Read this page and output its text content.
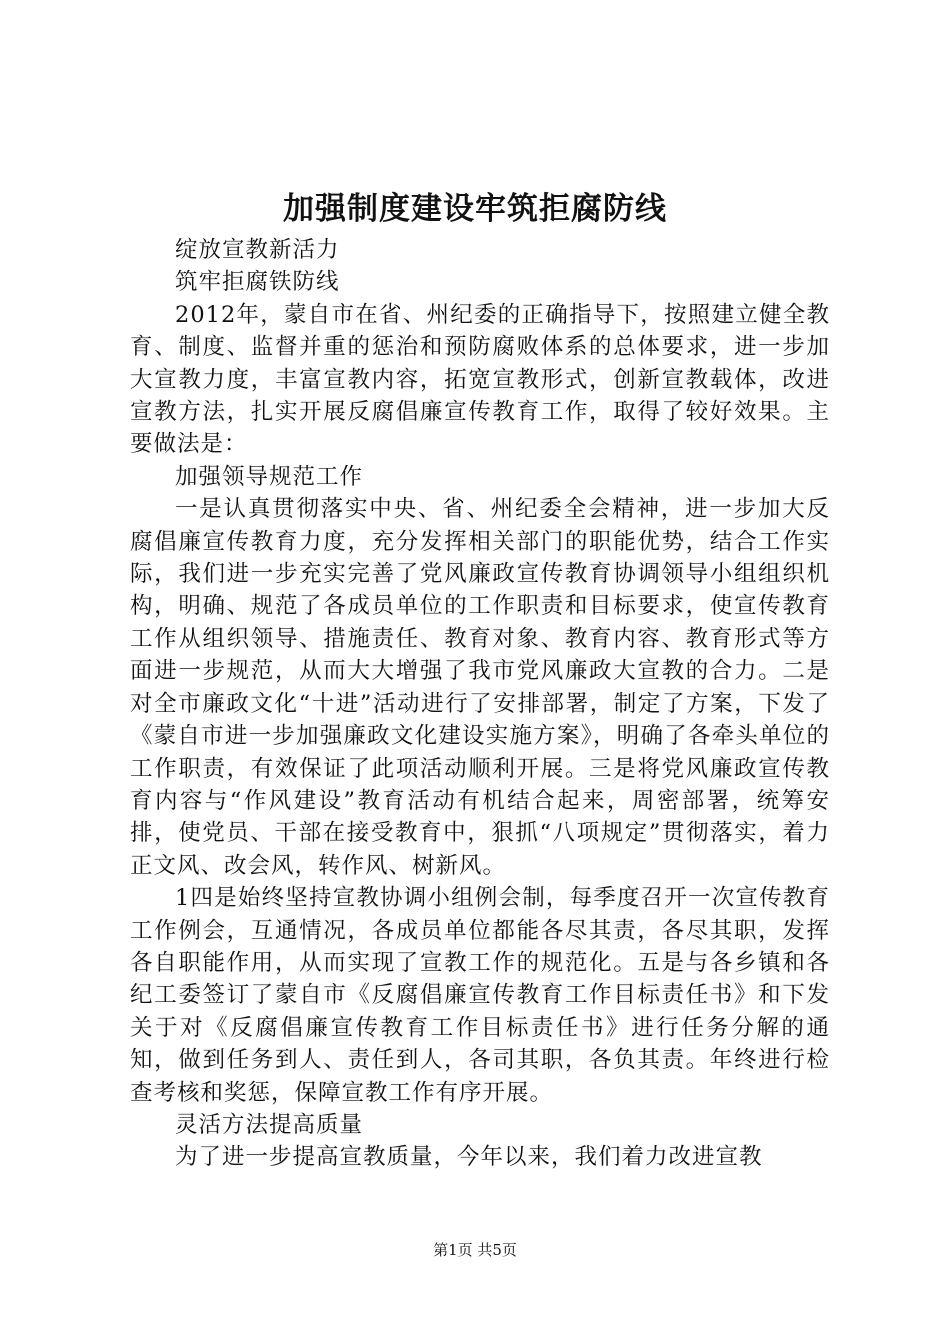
加强制度建设牢筑拒腐防线

绽放宣教新活力

筑牢拒腐铁防线

2012年，蒙自市在省、州纪委的正确指导下，按照建立健全教育、制度、监督并重的惩治和预防腐败体系的总体要求，进一步加大宣教力度，丰富宣教内容，拓宽宣教形式，创新宣教载体，改进宣教方法，扎实开展反腐倡廉宣传教育工作，取得了较好效果。主要做法是：

加强领导规范工作

一是认真贯彻落实中央、省、州纪委全会精神，进一步加大反腐倡廉宣传教育力度，充分发挥相关部门的职能优势，结合工作实际，我们进一步充实完善了党风廉政宣传教育协调领导小组组织机构，明确、规范了各成员单位的工作职责和目标要求，使宣传教育工作从组织领导、措施责任、教育对象、教育内容、教育形式等方面进一步规范，从而大大增强了我市党风廉政大宣教的合力。二是对全市廉政文化“十进”活动进行了安排部署，制定了方案，下发了《蒙自市进一步加强廉政文化建设实施方案》，明确了各牵头单位的工作职责，有效保证了此项活动顺利开展。三是将党风廉政宣传教育内容与“作风建设”教育活动有机结合起来，周密部署，统筹安排，使党员、干部在接受教育中，狠抓“八项规定”贯彻落实，着力正文风、改会风，转作风、树新风。

1四是始终坚持宣教协调小组例会制，每季度召开一次宣传教育工作例会，互通情况，各成员单位都能各尽其责，各尽其职，发挥各自职能作用，从而实现了宣教工作的规范化。五是与各乡镇和各纪工委签订了蒙自市《反腐倡廉宣传教育工作目标责任书》和下发关于对《反腐倡廉宣传教育工作目标责任书》进行任务分解的通知，做到任务到人、责任到人，各司其职，各负其责。年终进行检查考核和奖惩，保障宣教工作有序开展。

灵活方法提高质量

为了进一步提高宣教质量，今年以来，我们着力改进宣教

第1页 共5页
